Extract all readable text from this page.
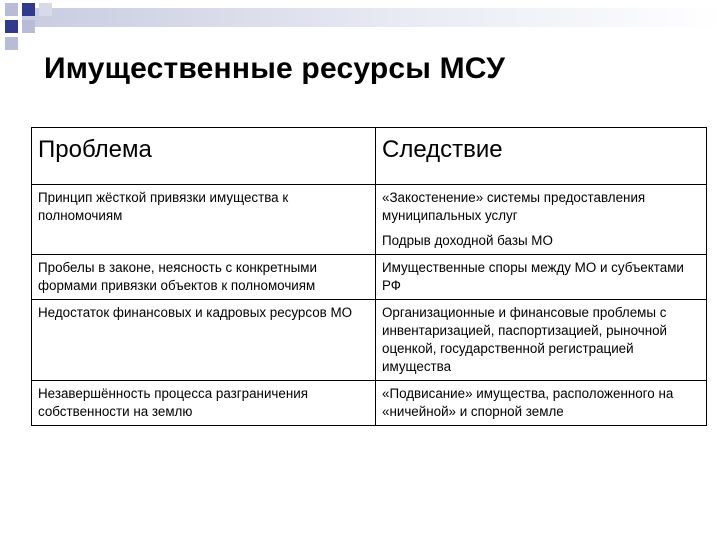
Имущественные ресурсы МСУ
Проблема	Следствие
Принцип жёсткой привязки имущества к полномочиям	«Закостенение» системы предоставления муниципальных услуг
Подрыв доходной базы МО

Пробелы в законе, неясность с конкретными формами привязки объектов к полномочиям	Имущественные споры между МО и субъектами РФ
Недостаток финансовых и кадровых ресурсов МО	Организационные и финансовые проблемы с инвентаризацией, паспортизацией, рыночной оценкой, государственной регистрацией имущества
Незавершённость процесса разграничения собственности на землю	«Подвисание» имущества, расположенного на «ничейной» и спорной земле
